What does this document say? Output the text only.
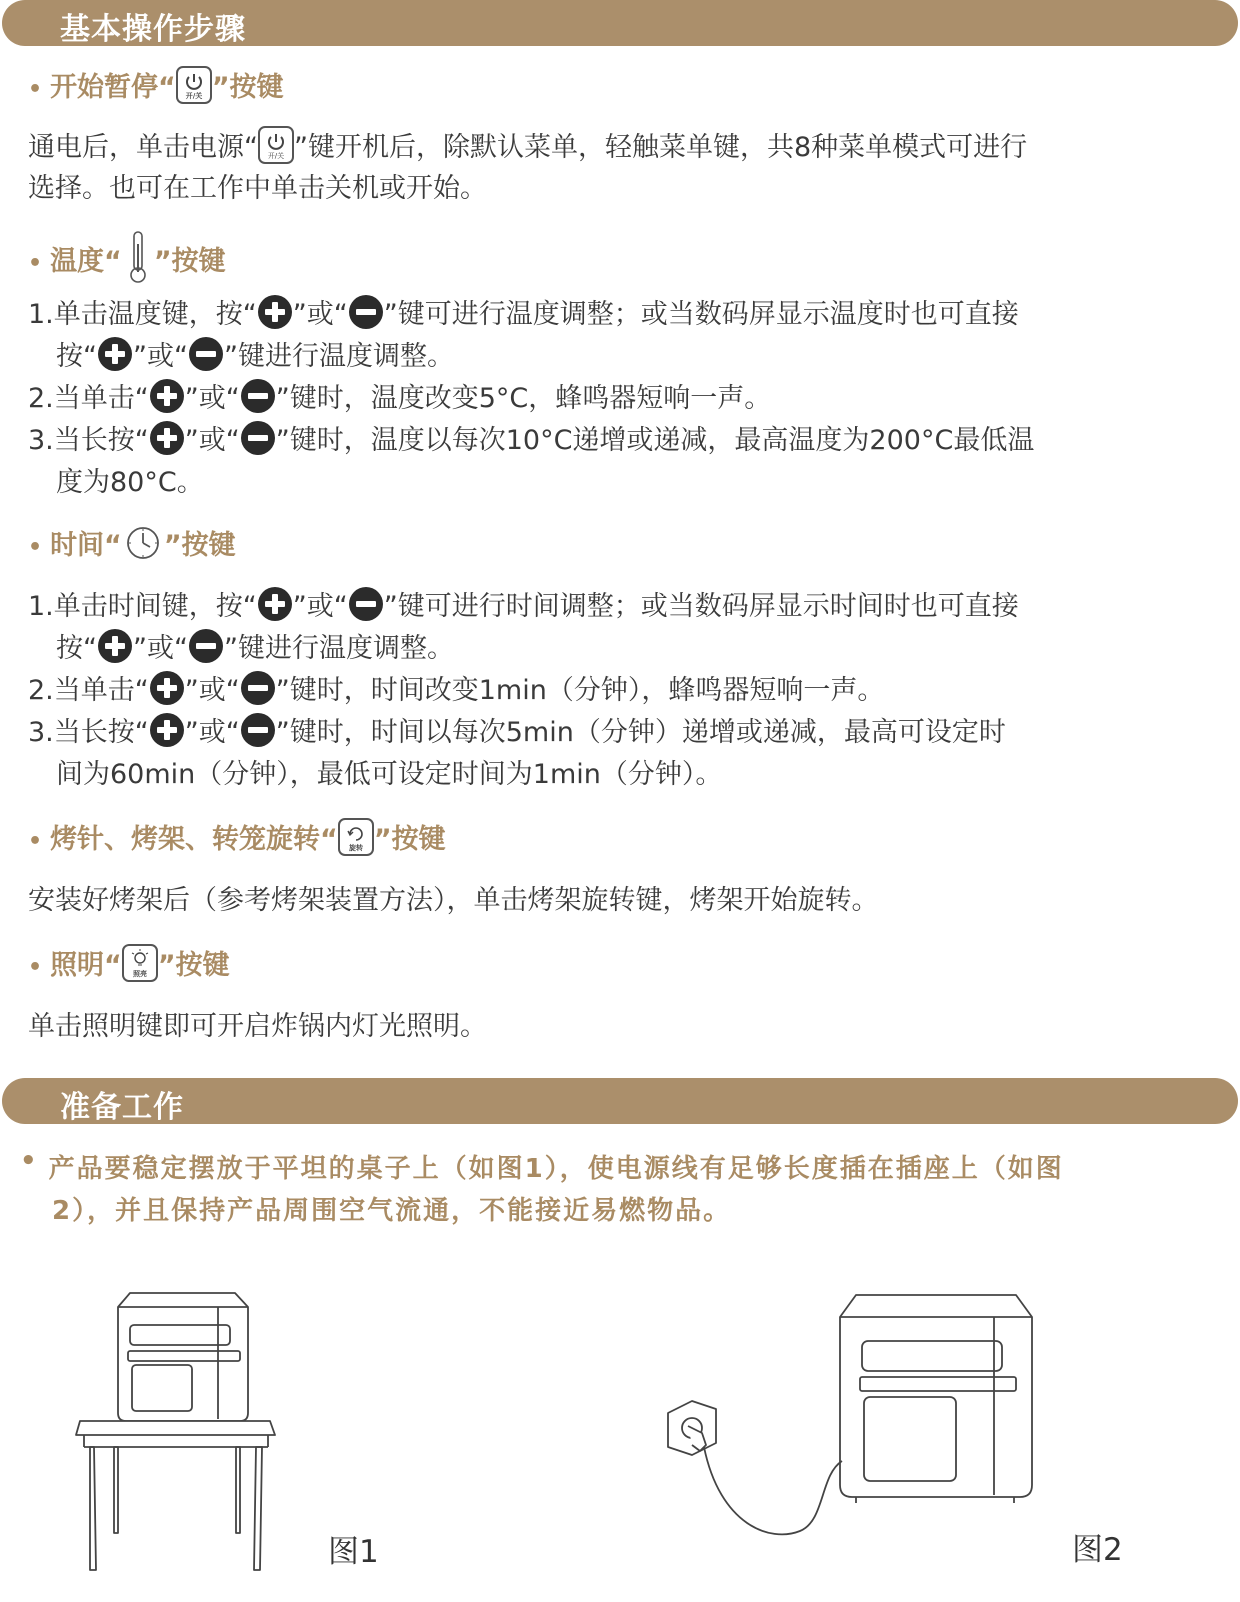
基本操作步骤
• 开始暂停“ 开/关 ”按键
通电后，单击电源“ 开/关 ”键开机后，除默认菜单，轻触菜单键，共8种菜单模式可进行
选择。也可在工作中单击关机或开始。
• 温度“ ”按键
1.单击温度键，按“ ”或“ ”键可进行温度调整；或当数码屏显示温度时也可直接
按“ ”或“ ”键进行温度调整。
2.当单击“ ”或“ ”键时，温度改变5°C，蜂鸣器短响一声。
3.当长按“ ”或“ ”键时，温度以每次10°C递增或递减，最高温度为200°C最低温
度为80°C。
• 时间“ ”按键
1.单击时间键，按“ ”或“ ”键可进行时间调整；或当数码屏显示时间时也可直接
按“ ”或“ ”键进行温度调整。
2.当单击“ ”或“ ”键时，时间改变1min（分钟），蜂鸣器短响一声。
3.当长按“ ”或“ ”键时，时间以每次5min（分钟）递增或递减，最高可设定时
间为60min（分钟），最低可设定时间为1min（分钟）。
• 烤针、烤架、转笼旋转“ 旋转 ”按键
安装好烤架后（参考烤架装置方法），单击烤架旋转键，烤架开始旋转。
• 照明“ 照亮 ”按键
单击照明键即可开启炸锅内灯光照明。
准备工作
• 产品要稳定摆放于平坦的桌子上（如图1），使电源线有足够长度插在插座上（如图
2），并且保持产品周围空气流通，不能接近易燃物品。
图1	图2
